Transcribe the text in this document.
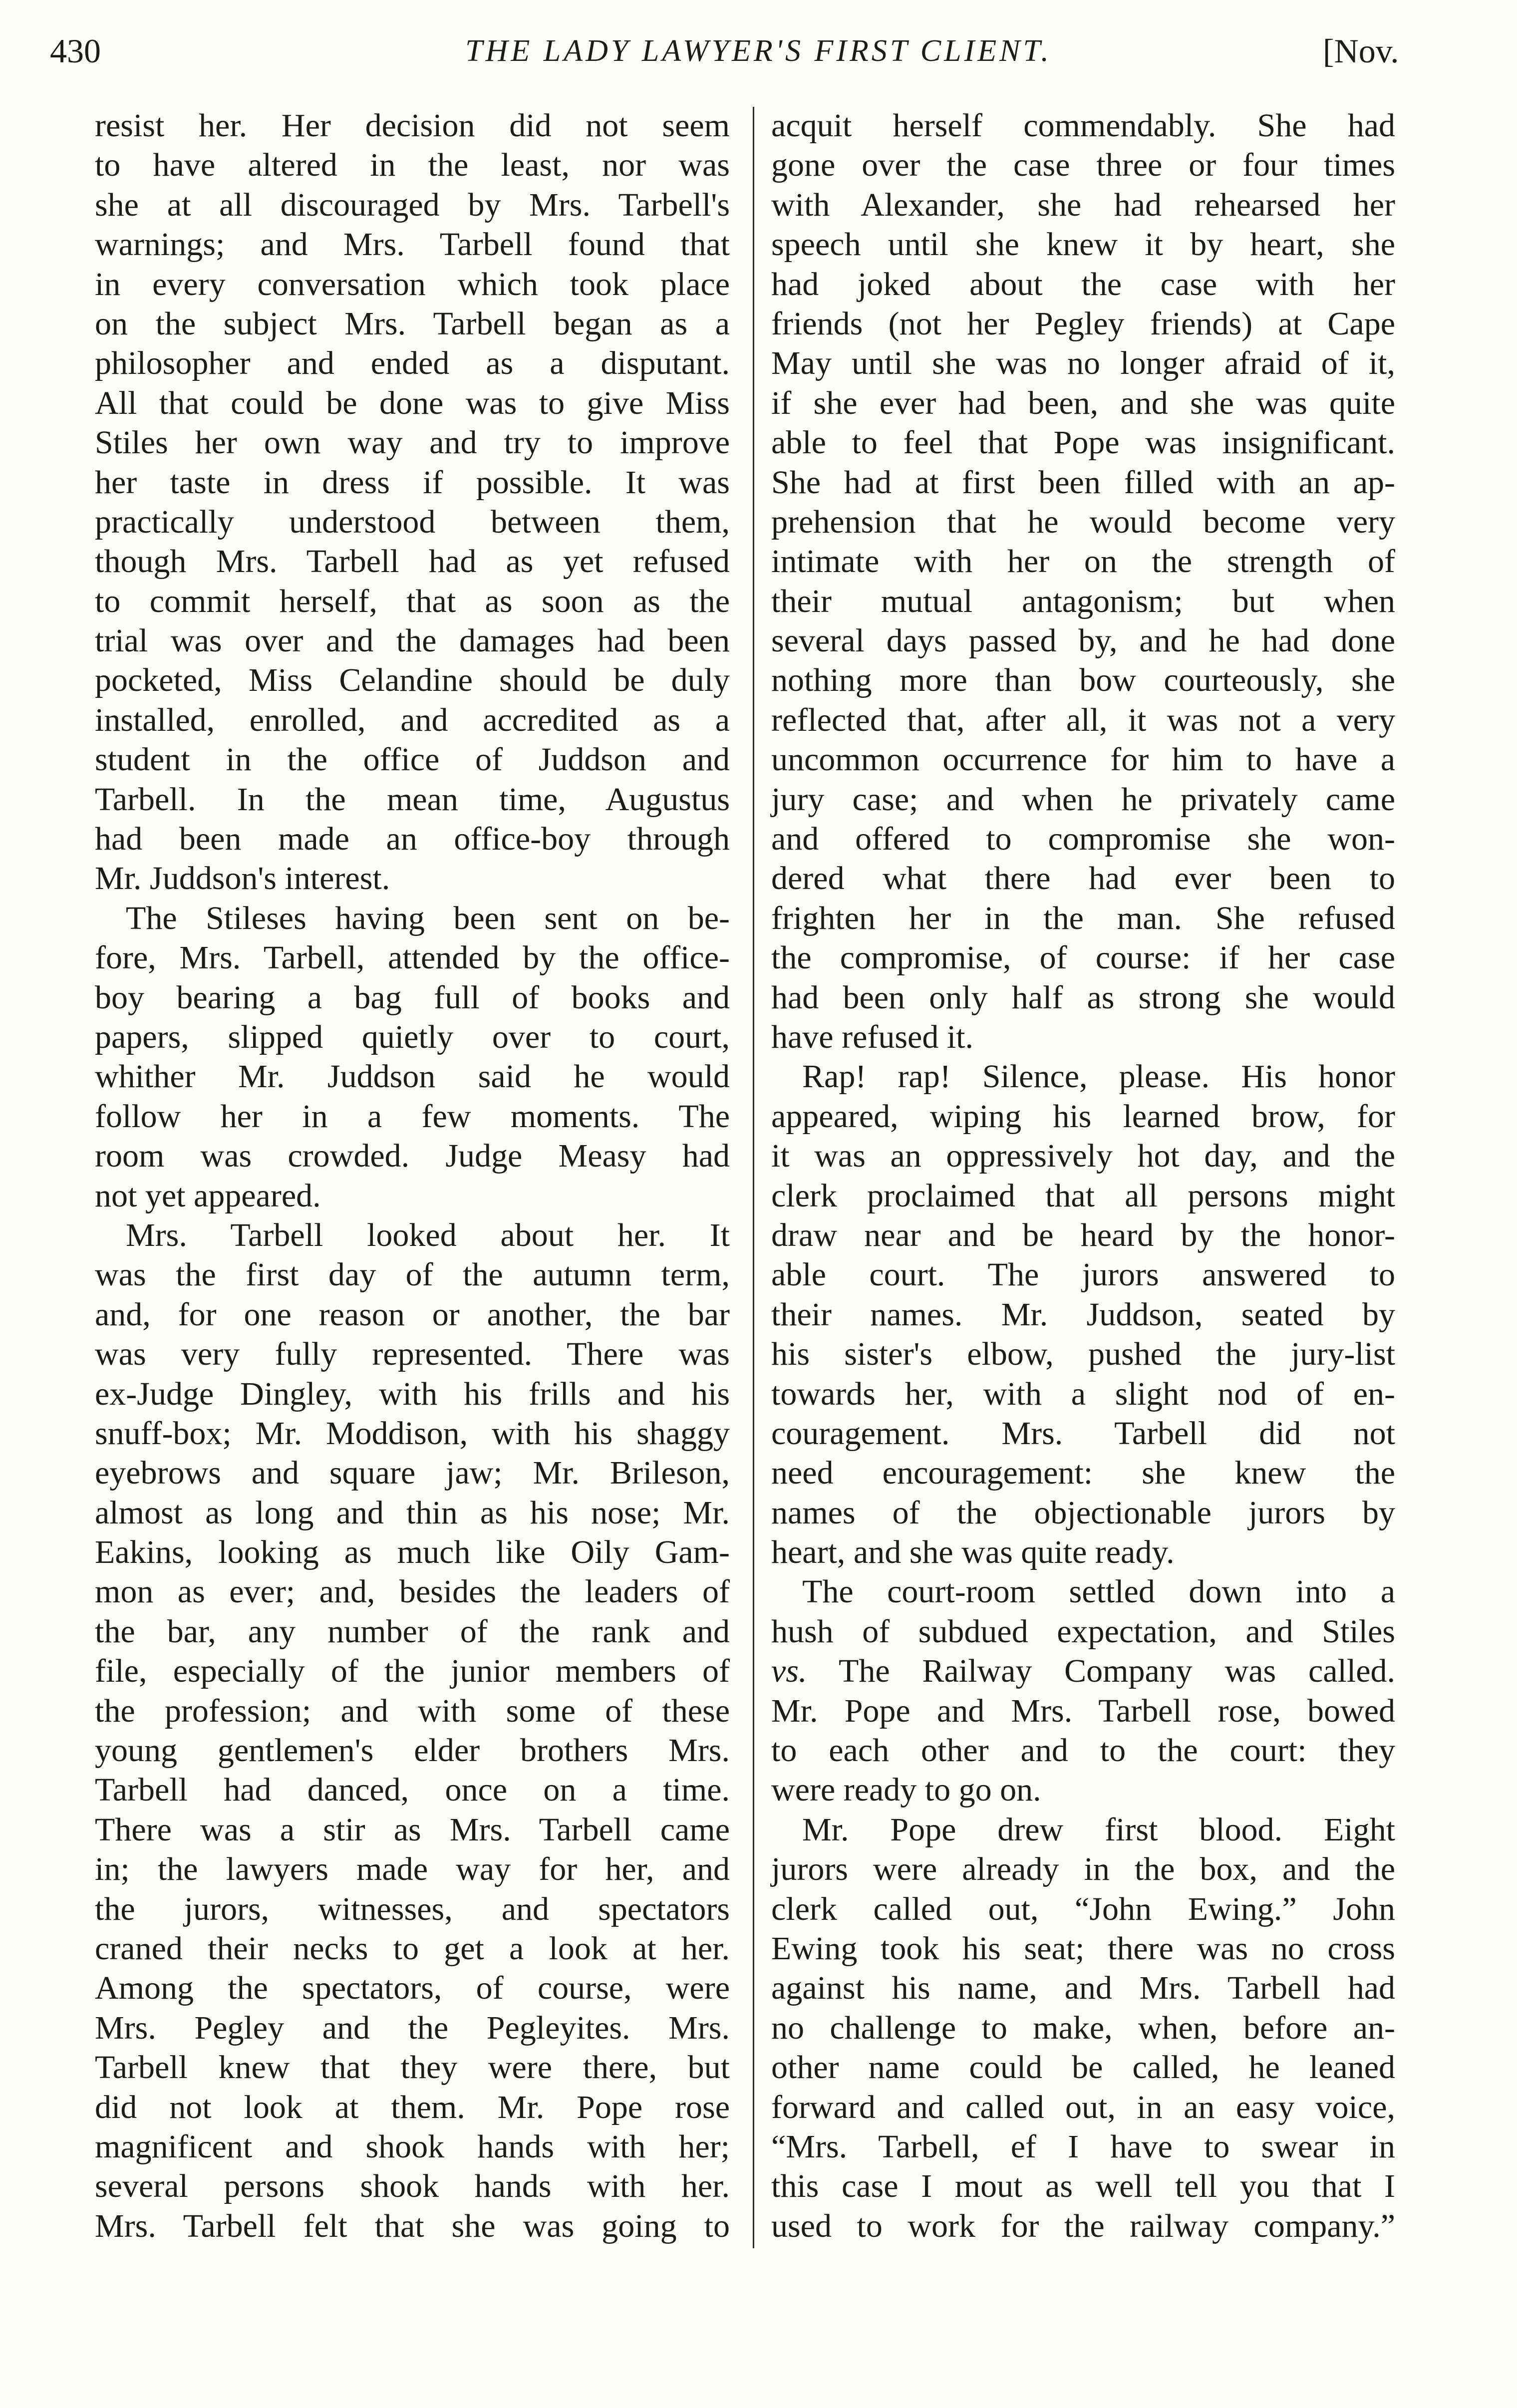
430	THE LADY LAWYER'S FIRST CLIENT.	[Nov.
resist her. Her decision did not seem
to have altered in the least, nor was
she at all discouraged by Mrs. Tarbell's
warnings; and Mrs. Tarbell found that
in every conversation which took place
on the subject Mrs. Tarbell began as a
philosopher and ended as a disputant.
All that could be done was to give Miss
Stiles her own way and try to improve
her taste in dress if possible. It was
practically understood between them,
though Mrs. Tarbell had as yet refused
to commit herself, that as soon as the
trial was over and the damages had been
pocketed, Miss Celandine should be duly
installed, enrolled, and accredited as a
student in the office of Juddson and
Tarbell. In the mean time, Augustus
had been made an office-boy through
Mr. Juddson's interest.
The Stileses having been sent on be-
fore, Mrs. Tarbell, attended by the office-
boy bearing a bag full of books and
papers, slipped quietly over to court,
whither Mr. Juddson said he would
follow her in a few moments. The
room was crowded. Judge Measy had
not yet appeared.
Mrs. Tarbell looked about her. It
was the first day of the autumn term,
and, for one reason or another, the bar
was very fully represented. There was
ex-Judge Dingley, with his frills and his
snuff-box; Mr. Moddison, with his shaggy
eyebrows and square jaw; Mr. Brileson,
almost as long and thin as his nose; Mr.
Eakins, looking as much like Oily Gam-
mon as ever; and, besides the leaders of
the bar, any number of the rank and
file, especially of the junior members of
the profession; and with some of these
young gentlemen's elder brothers Mrs.
Tarbell had danced, once on a time.
There was a stir as Mrs. Tarbell came
in; the lawyers made way for her, and
the jurors, witnesses, and spectators
craned their necks to get a look at her.
Among the spectators, of course, were
Mrs. Pegley and the Pegleyites. Mrs.
Tarbell knew that they were there, but
did not look at them. Mr. Pope rose
magnificent and shook hands with her;
several persons shook hands with her.
Mrs. Tarbell felt that she was going to
acquit herself commendably. She had
gone over the case three or four times
with Alexander, she had rehearsed her
speech until she knew it by heart, she
had joked about the case with her
friends (not her Pegley friends) at Cape
May until she was no longer afraid of it,
if she ever had been, and she was quite
able to feel that Pope was insignificant.
She had at first been filled with an ap-
prehension that he would become very
intimate with her on the strength of
their mutual antagonism; but when
several days passed by, and he had done
nothing more than bow courteously, she
reflected that, after all, it was not a very
uncommon occurrence for him to have a
jury case; and when he privately came
and offered to compromise she won-
dered what there had ever been to
frighten her in the man. She refused
the compromise, of course: if her case
had been only half as strong she would
have refused it.
Rap! rap! Silence, please. His honor
appeared, wiping his learned brow, for
it was an oppressively hot day, and the
clerk proclaimed that all persons might
draw near and be heard by the honor-
able court. The jurors answered to
their names. Mr. Juddson, seated by
his sister's elbow, pushed the jury-list
towards her, with a slight nod of en-
couragement. Mrs. Tarbell did not
need encouragement: she knew the
names of the objectionable jurors by
heart, and she was quite ready.
The court-room settled down into a
hush of subdued expectation, and Stiles
vs. The Railway Company was called.
Mr. Pope and Mrs. Tarbell rose, bowed
to each other and to the court: they
were ready to go on.
Mr. Pope drew first blood. Eight
jurors were already in the box, and the
clerk called out, “John Ewing.” John
Ewing took his seat; there was no cross
against his name, and Mrs. Tarbell had
no challenge to make, when, before an-
other name could be called, he leaned
forward and called out, in an easy voice,
“Mrs. Tarbell, ef I have to swear in
this case I mout as well tell you that I
used to work for the railway company.”
